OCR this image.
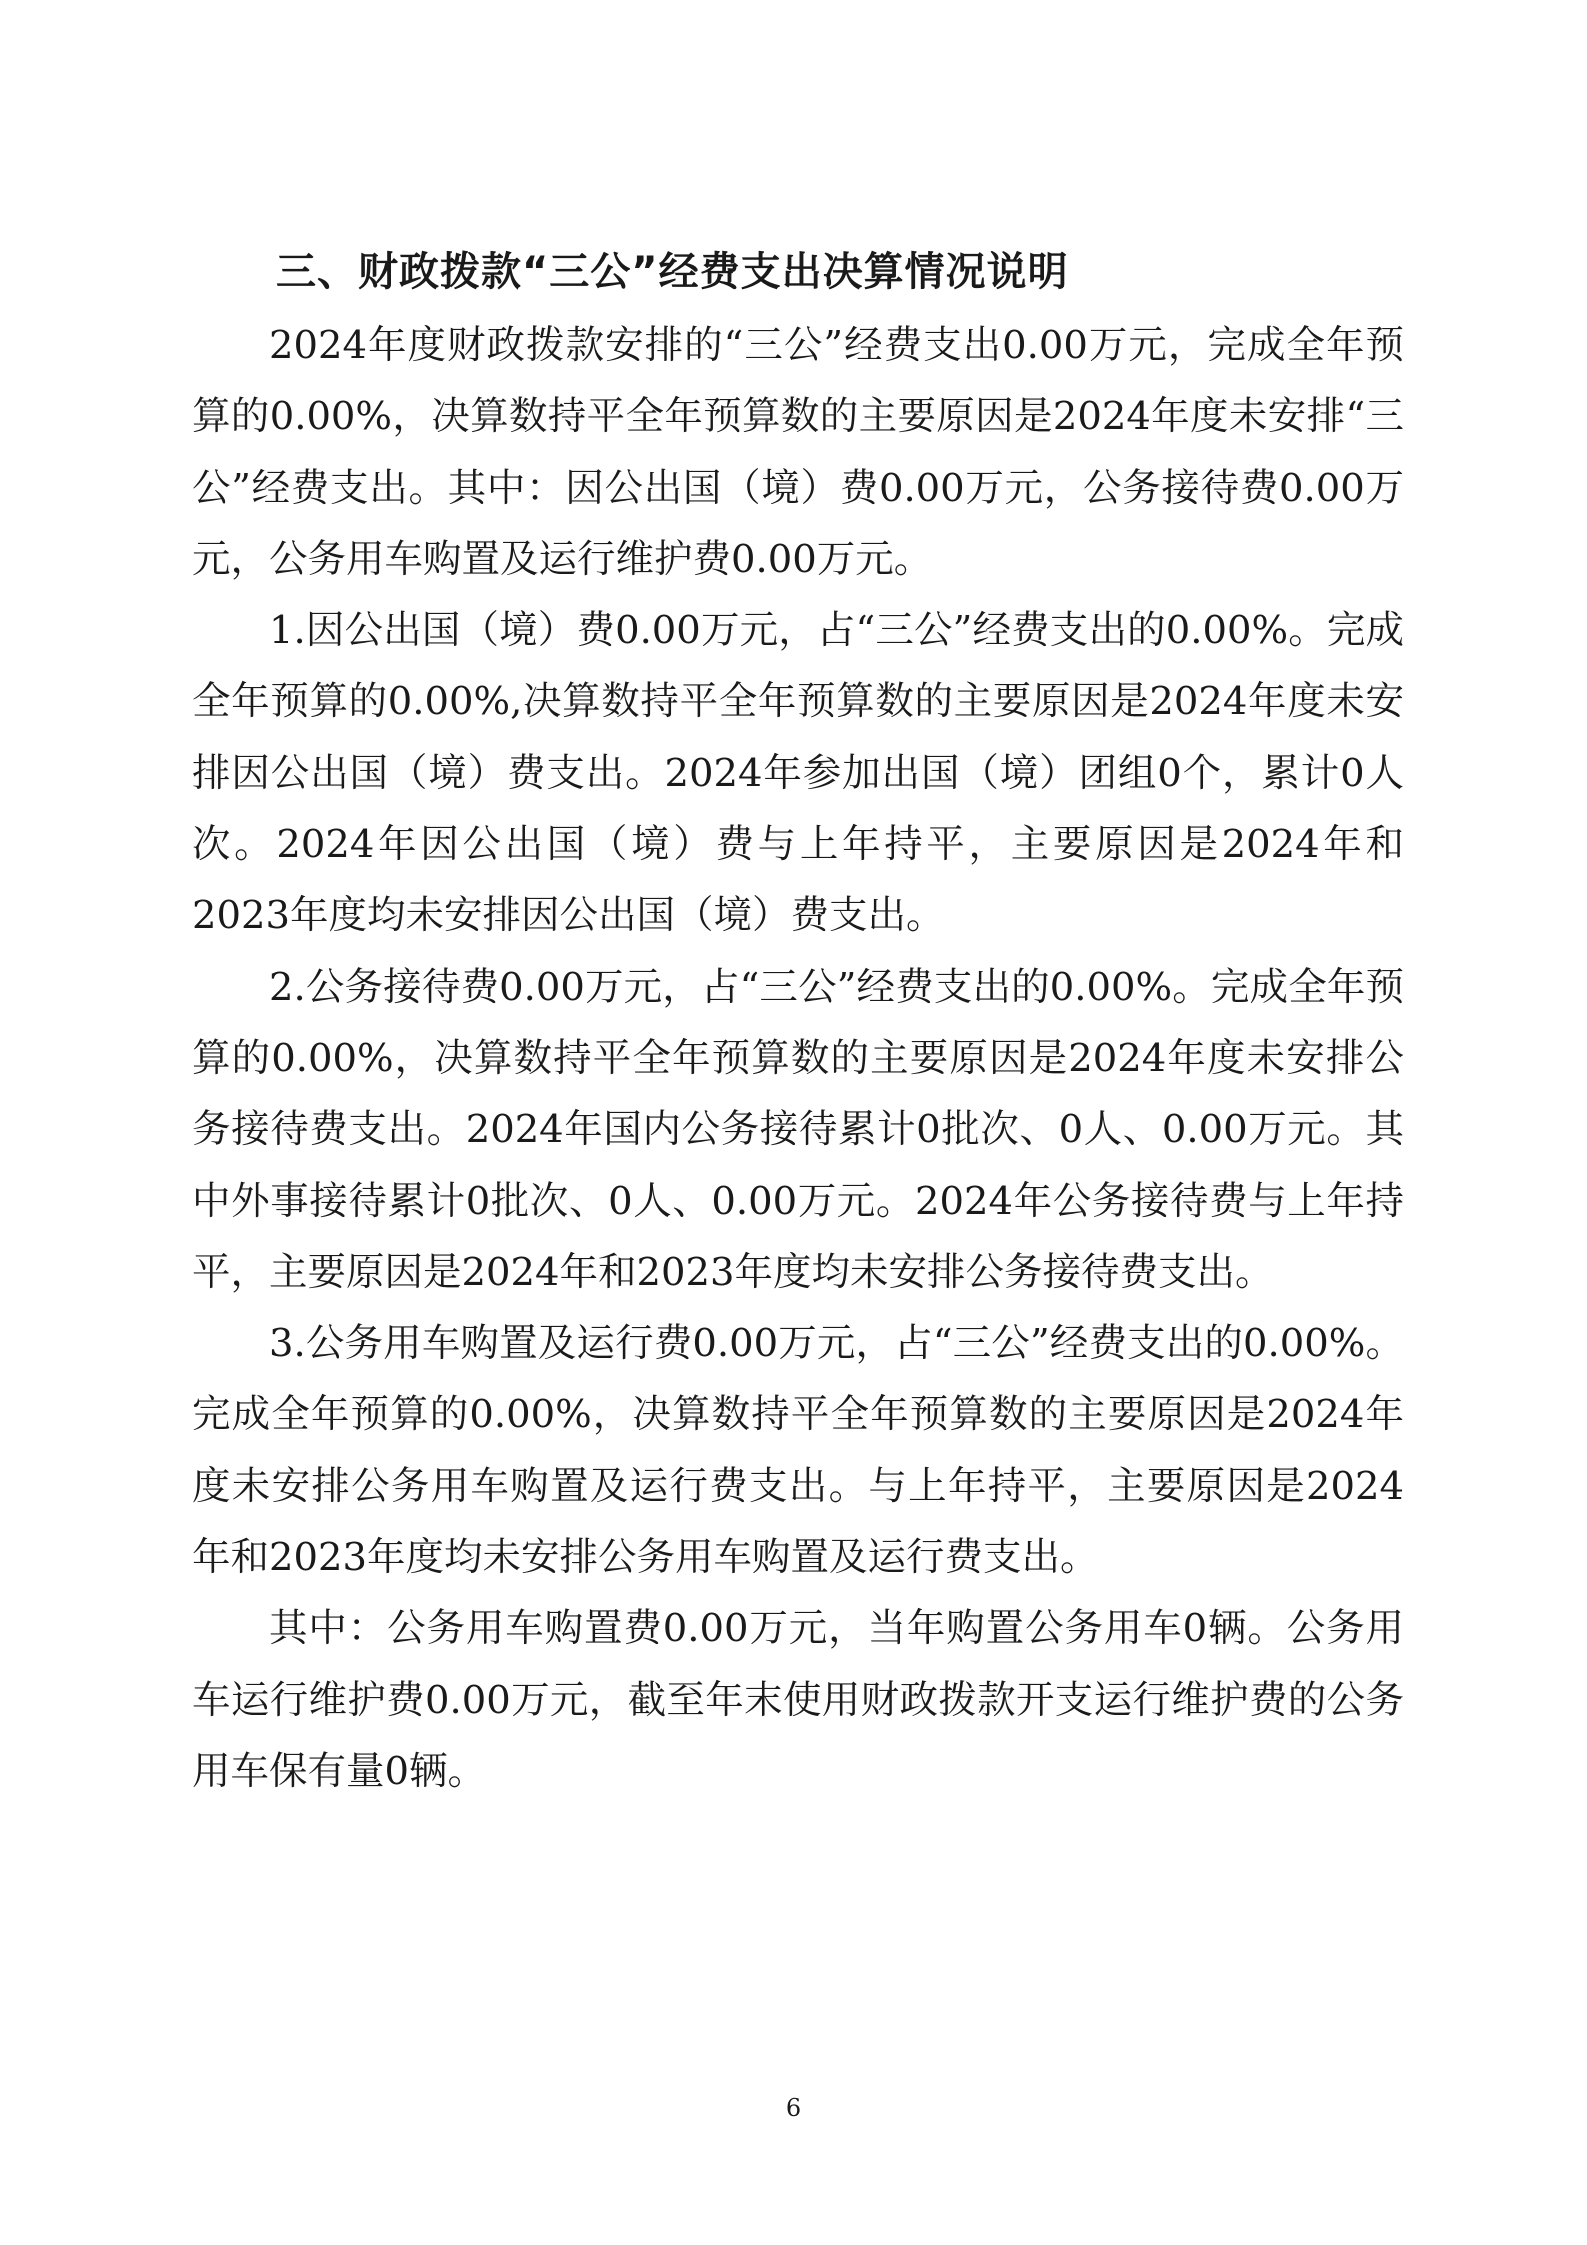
三、财政拨款“三公”经费支出决算情况说明

2024年度财政拨款安排的“三公”经费支出0.00万元，完成全年预算的0.00%，决算数持平全年预算数的主要原因是2024年度未安排“三公”经费支出。其中：因公出国（境）费0.00万元，公务接待费0.00万元，公务用车购置及运行维护费0.00万元。

1.因公出国（境）费0.00万元，占“三公”经费支出的0.00%。完成全年预算的0.00%,决算数持平全年预算数的主要原因是2024年度未安排因公出国（境）费支出。2024年参加出国（境）团组0个，累计0人次。2024年因公出国（境）费与上年持平，主要原因是2024年和2023年度均未安排因公出国（境）费支出。

2.公务接待费0.00万元，占“三公”经费支出的0.00%。完成全年预算的0.00%，决算数持平全年预算数的主要原因是2024年度未安排公务接待费支出。2024年国内公务接待累计0批次、0人、0.00万元。其中外事接待累计0批次、0人、0.00万元。2024年公务接待费与上年持平，主要原因是2024年和2023年度均未安排公务接待费支出。

3.公务用车购置及运行费0.00万元，占“三公”经费支出的0.00%。完成全年预算的0.00%，决算数持平全年预算数的主要原因是2024年度未安排公务用车购置及运行费支出。与上年持平，主要原因是2024年和2023年度均未安排公务用车购置及运行费支出。

其中：公务用车购置费0.00万元，当年购置公务用车0辆。公务用车运行维护费0.00万元，截至年末使用财政拨款开支运行维护费的公务用车保有量0辆。

6
